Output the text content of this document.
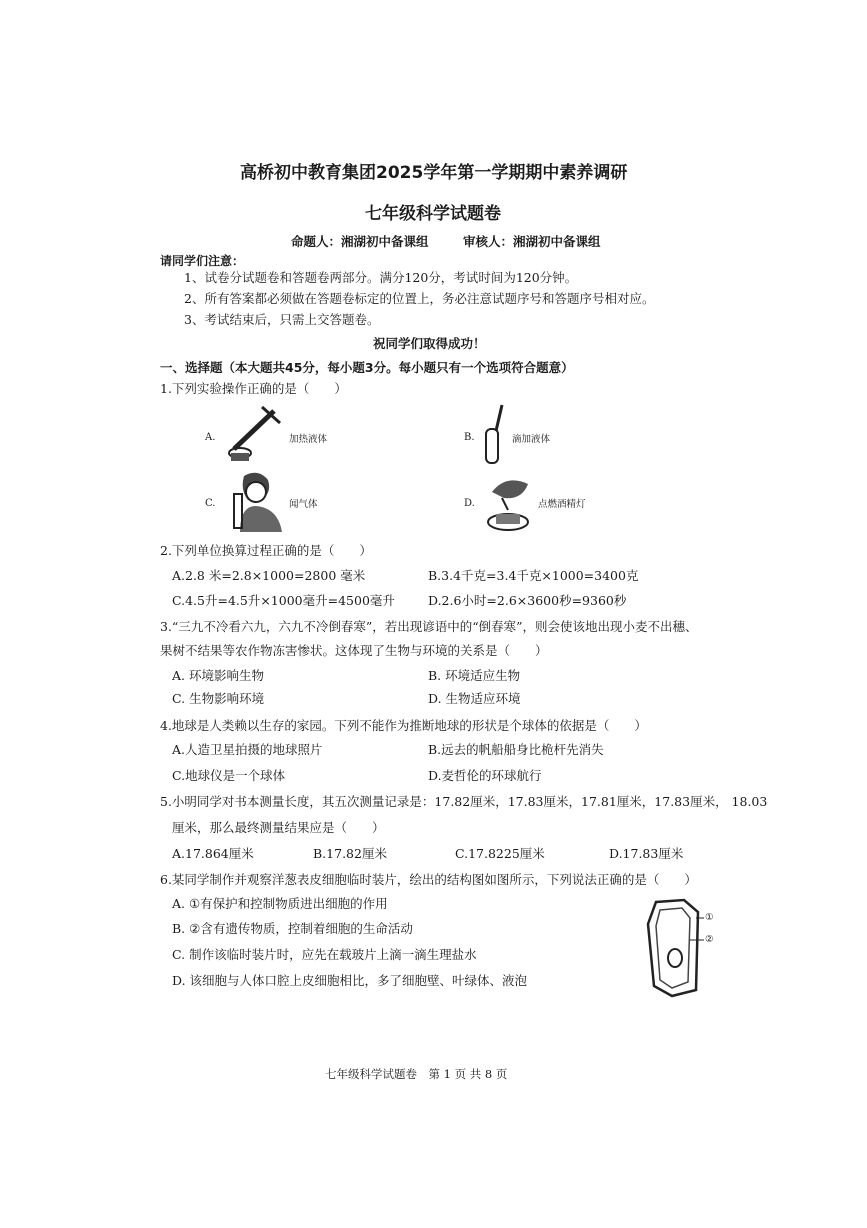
高桥初中教育集团2025学年第一学期期中素养调研
七年级科学试题卷
命题人：湘湖初中备课组	审核人：湘湖初中备课组
请同学们注意：
1、试卷分试题卷和答题卷两部分。满分120分，考试时间为120分钟。
2、所有答案都必须做在答题卷标定的位置上，务必注意试题序号和答题序号相对应。
3、考试结束后，只需上交答题卷。
祝同学们取得成功！
一、选择题（本大题共45分，每小题3分。每小题只有一个选项符合题意）
1.下列实验操作正确的是（　　）
A.	加热液体	B.	滴加液体
C.	闻气体	D.	点燃酒精灯
2.下列单位换算过程正确的是（　　）
A.2.8 米=2.8×1000=2800 毫米	B.3.4千克=3.4千克×1000=3400克
C.4.5升=4.5升×1000毫升=4500毫升	D.2.6小时=2.6×3600秒=9360秒
3.“三九不冷看六九，六九不冷倒春寒”，若出现谚语中的“倒春寒”，则会使该地出现小麦不出穗、
果树不结果等农作物冻害惨状。这体现了生物与环境的关系是（　　）
A. 环境影响生物	B. 环境适应生物
C. 生物影响环境	D. 生物适应环境
4.地球是人类赖以生存的家园。下列不能作为推断地球的形状是个球体的依据是（　　）
A.人造卫星拍摄的地球照片	B.远去的帆船船身比桅杆先消失
C.地球仪是一个球体	D.麦哲伦的环球航行
5.小明同学对书本测量长度，其五次测量记录是：17.82厘米，17.83厘米，17.81厘米，17.83厘米， 18.03
厘米，那么最终测量结果应是（　　）
A.17.864厘米	B.17.82厘米	C.17.8225厘米	D.17.83厘米
6.某同学制作并观察洋葱表皮细胞临时装片，绘出的结构图如图所示，下列说法正确的是（　　）
A. ①有保护和控制物质进出细胞的作用
B. ②含有遗传物质，控制着细胞的生命活动
C. 制作该临时装片时，应先在载玻片上滴一滴生理盐水
D. 该细胞与人体口腔上皮细胞相比，多了细胞壁、叶绿体、液泡
①
②
七年级科学试题卷　第 1 页 共 8 页
